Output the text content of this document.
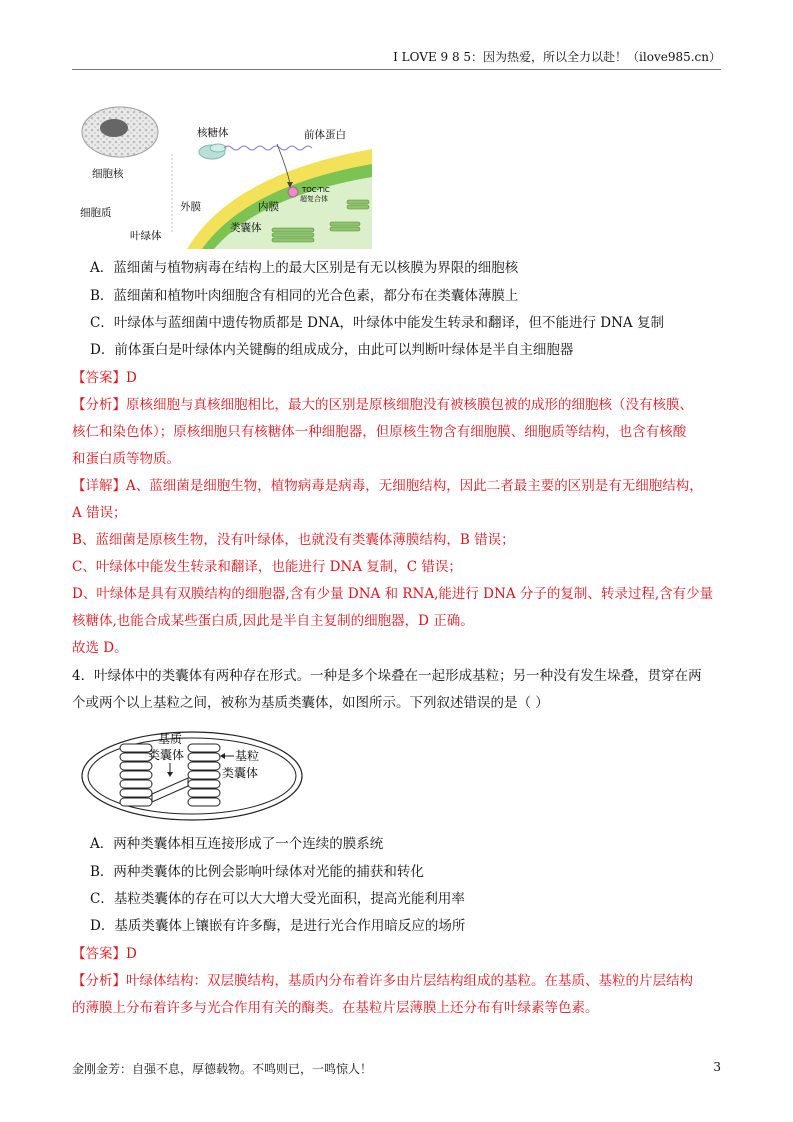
I LOVE 9 8 5：因为热爱，所以全力以赴！（ilove985.cn）
细胞核
细胞质
叶绿体
核糖体	前体蛋白
TOC-TIC
超复合体
外膜	内膜
类囊体
A．蓝细菌与植物病毒在结构上的最大区别是有无以核膜为界限的细胞核
B．蓝细菌和植物叶肉细胞含有相同的光合色素，都分布在类囊体薄膜上
C．叶绿体与蓝细菌中遗传物质都是 DNA，叶绿体中能发生转录和翻译，但不能进行 DNA 复制
D．前体蛋白是叶绿体内关键酶的组成成分，由此可以判断叶绿体是半自主细胞器
【答案】D
【分析】原核细胞与真核细胞相比，最大的区别是原核细胞没有被核膜包被的成形的细胞核（没有核膜、
核仁和染色体）；原核细胞只有核糖体一种细胞器，但原核生物含有细胞膜、细胞质等结构，也含有核酸
和蛋白质等物质。
【详解】A、蓝细菌是细胞生物，植物病毒是病毒，无细胞结构，因此二者最主要的区别是有无细胞结构，
A 错误；
B、蓝细菌是原核生物，没有叶绿体，也就没有类囊体薄膜结构，B 错误；
C、叶绿体中能发生转录和翻译，也能进行 DNA 复制，C 错误；
D、叶绿体是具有双膜结构的细胞器,含有少量 DNA 和 RNA,能进行 DNA 分子的复制、转录过程,含有少量
核糖体,也能合成某些蛋白质,因此是半自主复制的细胞器，D 正确。
故选 D。
4．叶绿体中的类囊体有两种存在形式。一种是多个垛叠在一起形成基粒；另一种没有发生垛叠，贯穿在两
个或两个以上基粒之间，被称为基质类囊体，如图所示。下列叙述错误的是（ ）
基质
类囊体	基粒
类囊体
A．两种类囊体相互连接形成了一个连续的膜系统
B．两种类囊体的比例会影响叶绿体对光能的捕获和转化
C．基粒类囊体的存在可以大大增大受光面积，提高光能利用率
D．基质类囊体上镶嵌有许多酶，是进行光合作用暗反应的场所
【答案】D
【分析】叶绿体结构：双层膜结构，基质内分布着许多由片层结构组成的基粒。在基质、基粒的片层结构
的薄膜上分布着许多与光合作用有关的酶类。在基粒片层薄膜上还分布有叶绿素等色素。
金刚金芳：自强不息，厚德载物。不鸣则已，一鸣惊人！	3
